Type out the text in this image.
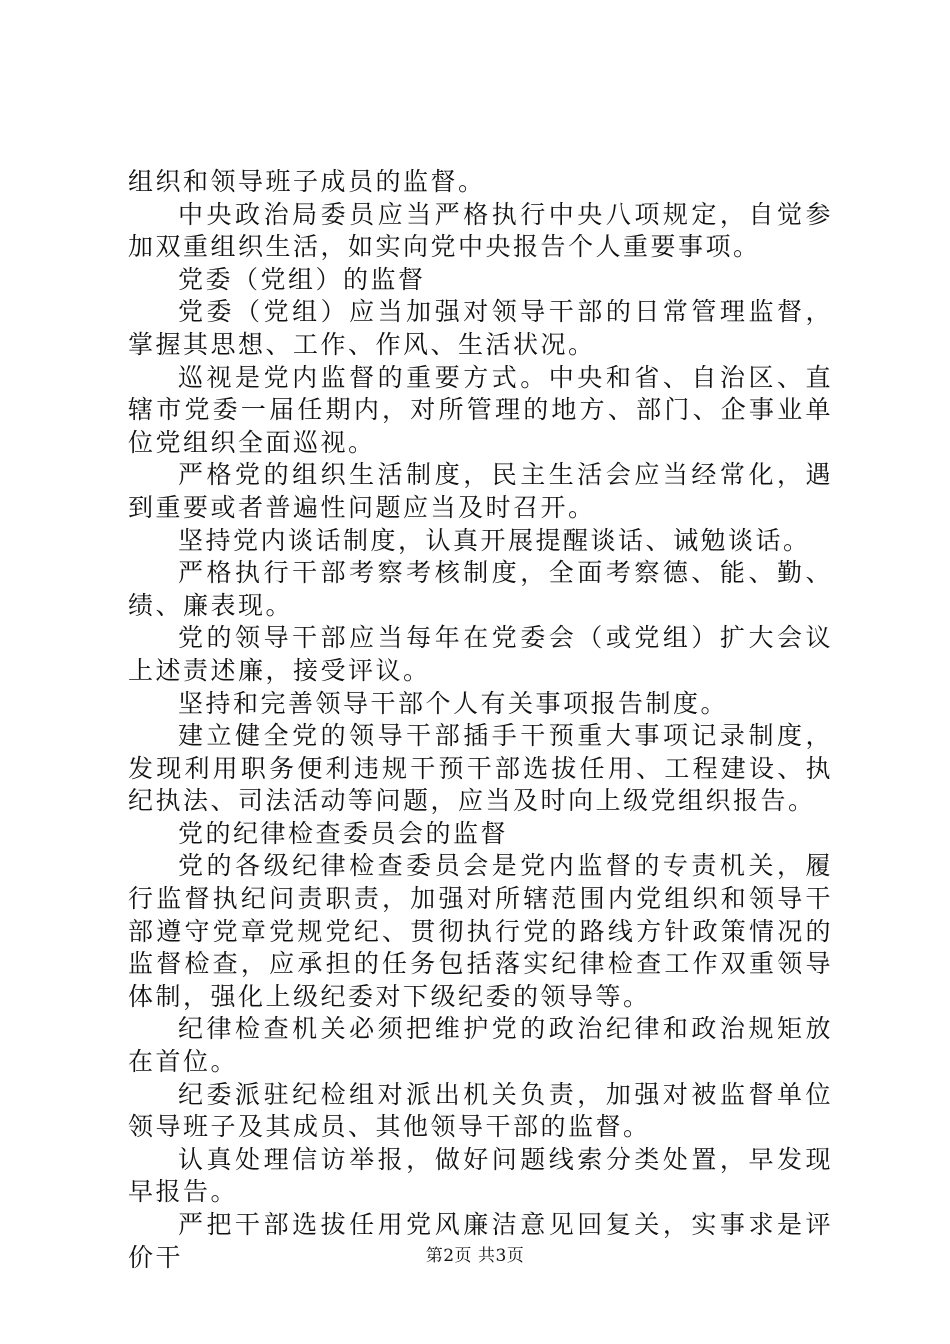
组织和领导班子成员的监督。

中央政治局委员应当严格执行中央八项规定，自觉参加双重组织生活，如实向党中央报告个人重要事项。

党委（党组）的监督

党委（党组）应当加强对领导干部的日常管理监督，掌握其思想、工作、作风、生活状况。

巡视是党内监督的重要方式。中央和省、自治区、直辖市党委一届任期内，对所管理的地方、部门、企事业单位党组织全面巡视。

严格党的组织生活制度，民主生活会应当经常化，遇到重要或者普遍性问题应当及时召开。

坚持党内谈话制度，认真开展提醒谈话、诫勉谈话。

严格执行干部考察考核制度，全面考察德、能、勤、绩、廉表现。

党的领导干部应当每年在党委会（或党组）扩大会议上述责述廉，接受评议。

坚持和完善领导干部个人有关事项报告制度。

建立健全党的领导干部插手干预重大事项记录制度，发现利用职务便利违规干预干部选拔任用、工程建设、执纪执法、司法活动等问题，应当及时向上级党组织报告。

党的纪律检查委员会的监督

党的各级纪律检查委员会是党内监督的专责机关，履行监督执纪问责职责，加强对所辖范围内党组织和领导干部遵守党章党规党纪、贯彻执行党的路线方针政策情况的监督检查，应承担的任务包括落实纪律检查工作双重领导体制，强化上级纪委对下级纪委的领导等。

纪律检查机关必须把维护党的政治纪律和政治规矩放在首位。

纪委派驻纪检组对派出机关负责，加强对被监督单位领导班子及其成员、其他领导干部的监督。

认真处理信访举报，做好问题线索分类处置，早发现早报告。

严把干部选拔任用党风廉洁意见回复关，实事求是评价干	第2页 共3页
